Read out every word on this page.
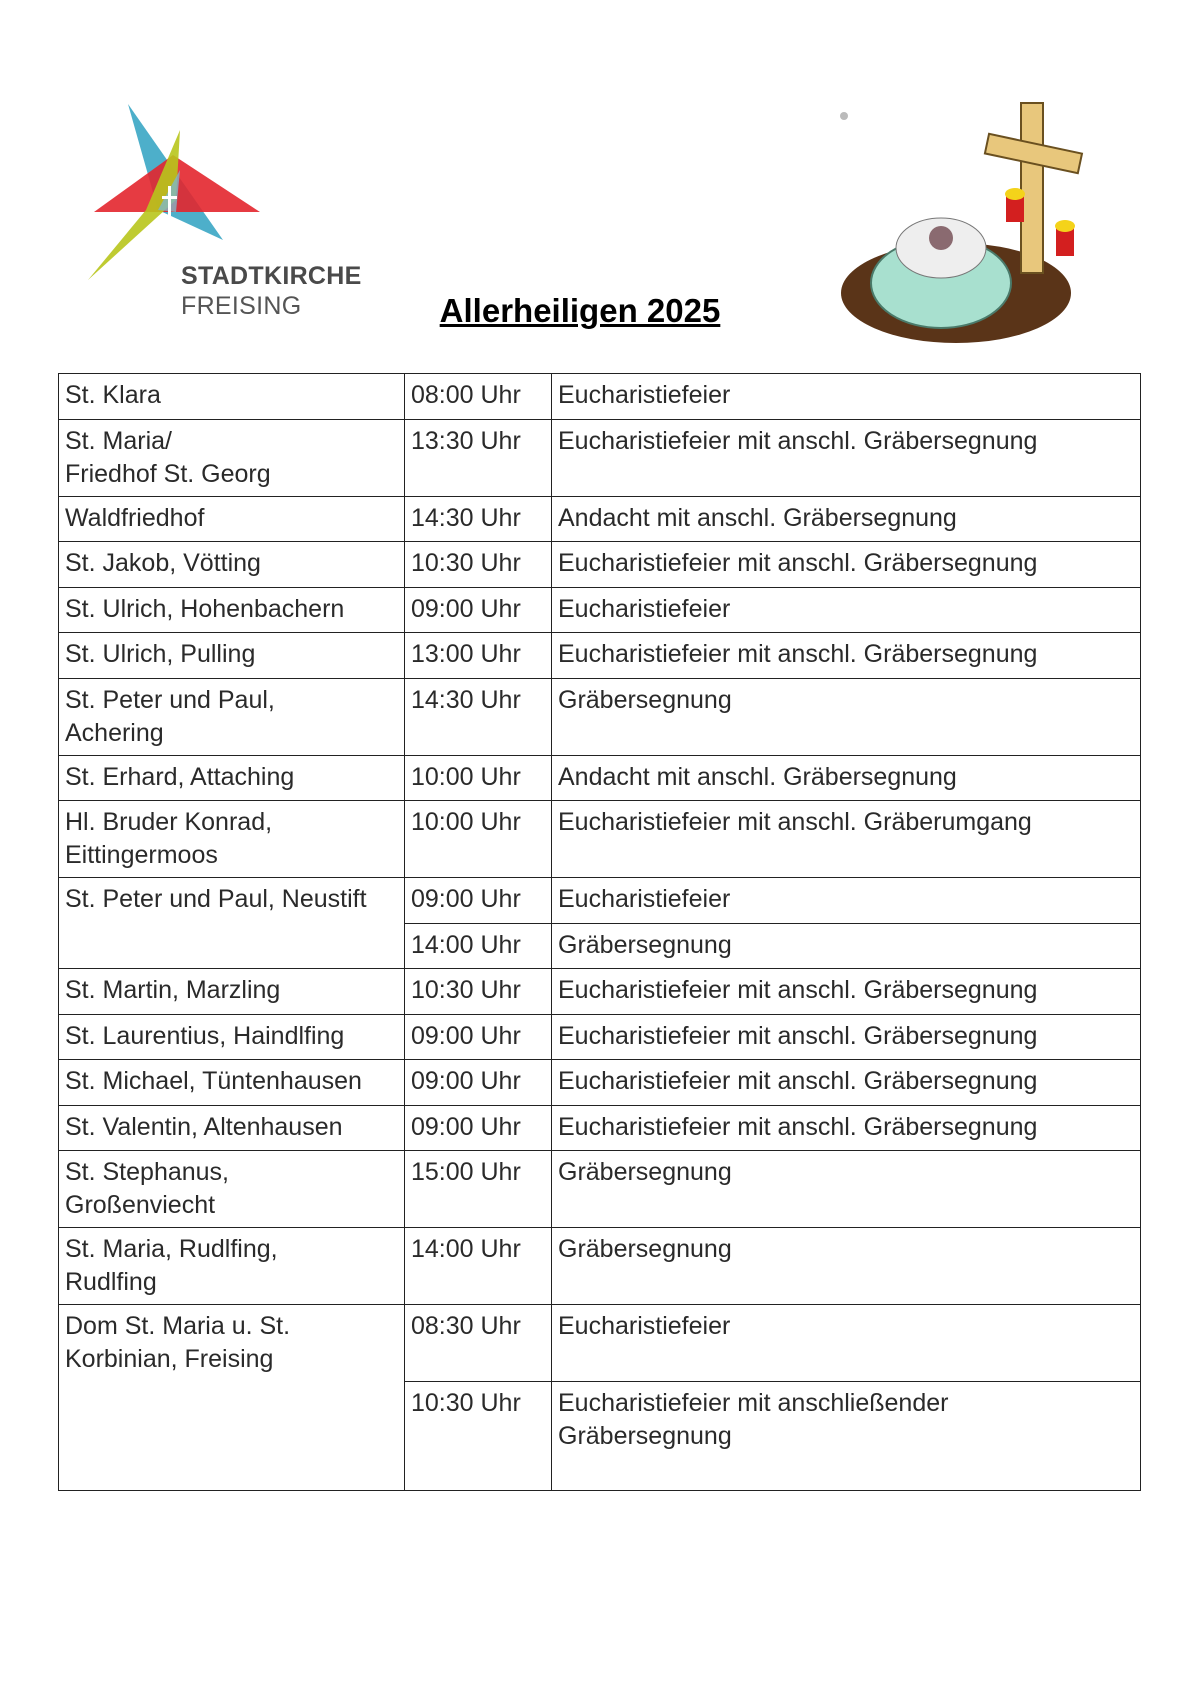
STADTKIRCHE
FREISING	Allerheiligen 2025
St. Klara	08:00 Uhr	Eucharistiefeier
St. Maria/
Friedhof St. Georg	13:30 Uhr	Eucharistiefeier mit anschl. Gräbersegnung
Waldfriedhof	14:30 Uhr	Andacht mit anschl. Gräbersegnung
St. Jakob, Vötting	10:30 Uhr	Eucharistiefeier mit anschl. Gräbersegnung
St. Ulrich, Hohenbachern	09:00 Uhr	Eucharistiefeier
St. Ulrich, Pulling	13:00 Uhr	Eucharistiefeier mit anschl. Gräbersegnung
St. Peter und Paul,
Achering	14:30 Uhr	Gräbersegnung
St. Erhard, Attaching	10:00 Uhr	Andacht mit anschl. Gräbersegnung
Hl. Bruder Konrad,
Eittingermoos	10:00 Uhr	Eucharistiefeier mit anschl. Gräberumgang
St. Peter und Paul, Neustift	09:00 Uhr	Eucharistiefeier
	14:00 Uhr	Gräbersegnung
St. Martin, Marzling	10:30 Uhr	Eucharistiefeier mit anschl. Gräbersegnung
St. Laurentius, Haindlfing	09:00 Uhr	Eucharistiefeier mit anschl. Gräbersegnung
St. Michael, Tüntenhausen	09:00 Uhr	Eucharistiefeier mit anschl. Gräbersegnung
St. Valentin, Altenhausen	09:00 Uhr	Eucharistiefeier mit anschl. Gräbersegnung
St. Stephanus,
Großenviecht	15:00 Uhr	Gräbersegnung
St. Maria, Rudlfing,
Rudlfing	14:00 Uhr	Gräbersegnung
Dom St. Maria u. St.
Korbinian, Freising	08:30 Uhr	Eucharistiefeier
	10:30 Uhr	Eucharistiefeier mit anschließender
Gräbersegnung
